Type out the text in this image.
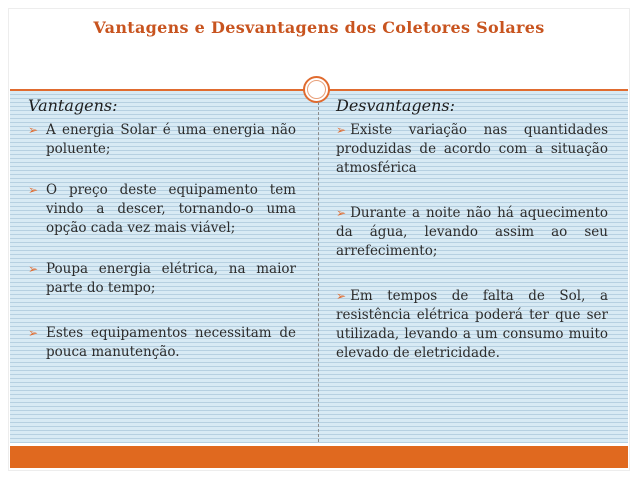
Vantagens e Desvantagens dos Coletores Solares
Vantagens:
➢ A energia Solar é uma energia não poluente;
➢ O preço deste equipamento tem vindo a descer, tornando-o uma opção cada vez mais viável;
➢ Poupa energia elétrica, na maior parte do tempo;
➢ Estes equipamentos necessitam de pouca manutenção.
Desvantagens:
➢ Existe variação nas quantidades produzidas de acordo com a situação atmosférica
➢ Durante a noite não há aquecimento da água, levando assim ao seu arrefecimento;
➢ Em tempos de falta de Sol, a resistência elétrica poderá ter que ser utilizada, levando a um consumo muito elevado de eletricidade.
